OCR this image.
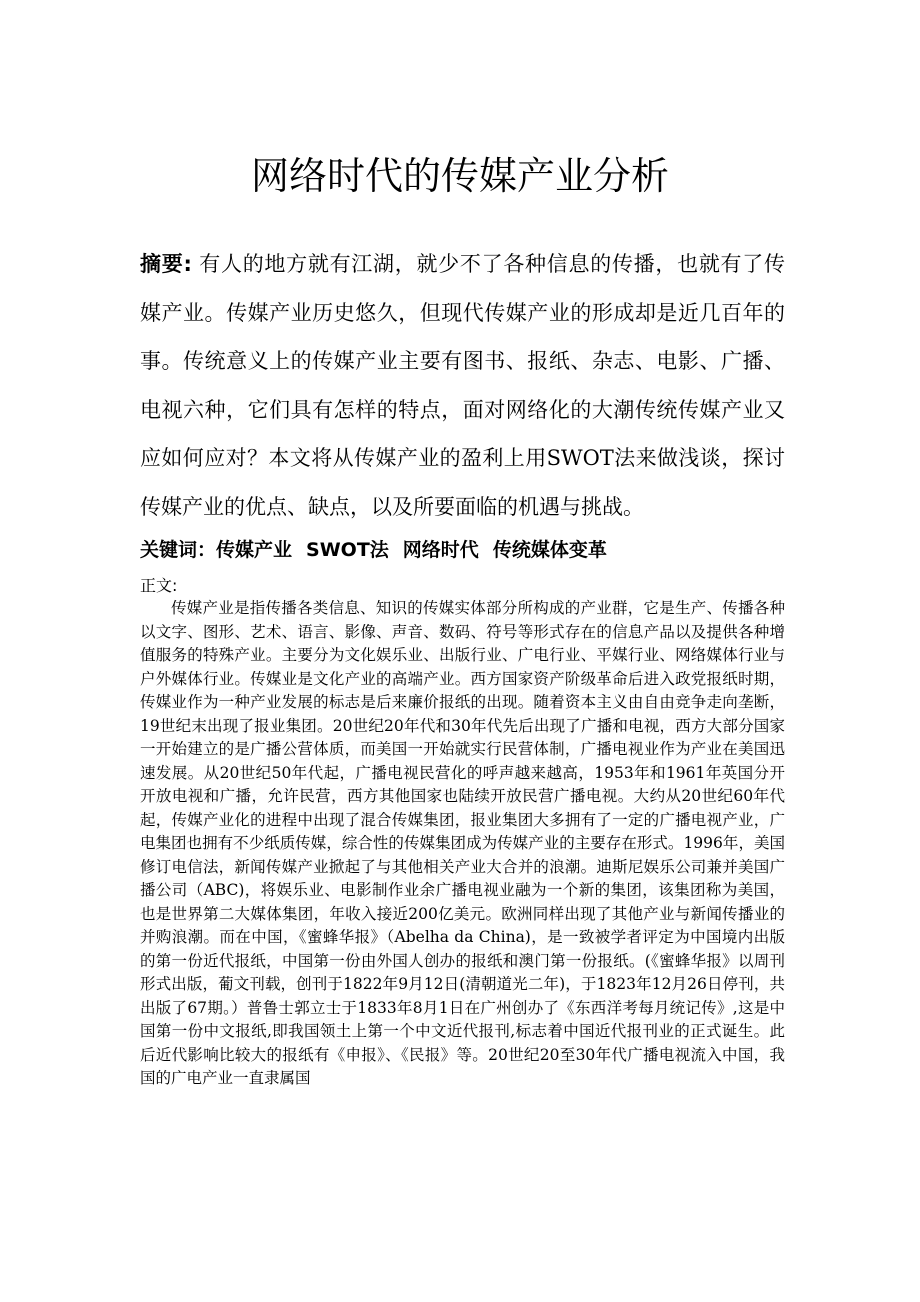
网络时代的传媒产业分析

摘要: 有人的地方就有江湖，就少不了各种信息的传播，也就有了传媒产业。传媒产业历史悠久，但现代传媒产业的形成却是近几百年的事。传统意义上的传媒产业主要有图书、报纸、杂志、电影、广播、电视六种，它们具有怎样的特点，面对网络化的大潮传统传媒产业又应如何应对？本文将从传媒产业的盈利上用SWOT法来做浅谈，探讨传媒产业的优点、缺点，以及所要面临的机遇与挑战。

关键词：传媒产业 SWOT法 网络时代 传统媒体变革

正文:

传媒产业是指传播各类信息、知识的传媒实体部分所构成的产业群，它是生产、传播各种以文字、图形、艺术、语言、影像、声音、数码、符号等形式存在的信息产品以及提供各种增值服务的特殊产业。主要分为文化娱乐业、出版行业、广电行业、平媒行业、网络媒体行业与户外媒体行业。传媒业是文化产业的高端产业。西方国家资产阶级革命后进入政党报纸时期，传媒业作为一种产业发展的标志是后来廉价报纸的出现。随着资本主义由自由竞争走向垄断，19世纪末出现了报业集团。20世纪20年代和30年代先后出现了广播和电视，西方大部分国家一开始建立的是广播公营体质，而美国一开始就实行民营体制，广播电视业作为产业在美国迅速发展。从20世纪50年代起，广播电视民营化的呼声越来越高，1953年和1961年英国分开开放电视和广播，允许民营，西方其他国家也陆续开放民营广播电视。大约从20世纪60年代起，传媒产业化的进程中出现了混合传媒集团，报业集团大多拥有了一定的广播电视产业，广电集团也拥有不少纸质传媒，综合性的传媒集团成为传媒产业的主要存在形式。1996年，美国修订电信法，新闻传媒产业掀起了与其他相关产业大合并的浪潮。迪斯尼娱乐公司兼并美国广播公司（ABC)，将娱乐业、电影制作业余广播电视业融为一个新的集团，该集团称为美国，也是世界第二大媒体集团，年收入接近200亿美元。欧洲同样出现了其他产业与新闻传播业的并购浪潮。而在中国，《蜜蜂华报》（Abelha da China)，是一致被学者评定为中国境内出版的第一份近代报纸，中国第一份由外国人创办的报纸和澳门第一份报纸。(《蜜蜂华报》以周刊形式出版，葡文刊载，创刊于1822年9月12日(清朝道光二年)，于1823年12月26日停刊，共出版了67期。）普鲁士郭立士于1833年8月1日在广州创办了《东西洋考每月统记传》,这是中国第一份中文报纸,即我国领土上第一个中文近代报刊,标志着中国近代报刊业的正式诞生。此后近代影响比较大的报纸有《申报》、《民报》等。20世纪20至30年代广播电视流入中国，我国的广电产业一直隶属国
